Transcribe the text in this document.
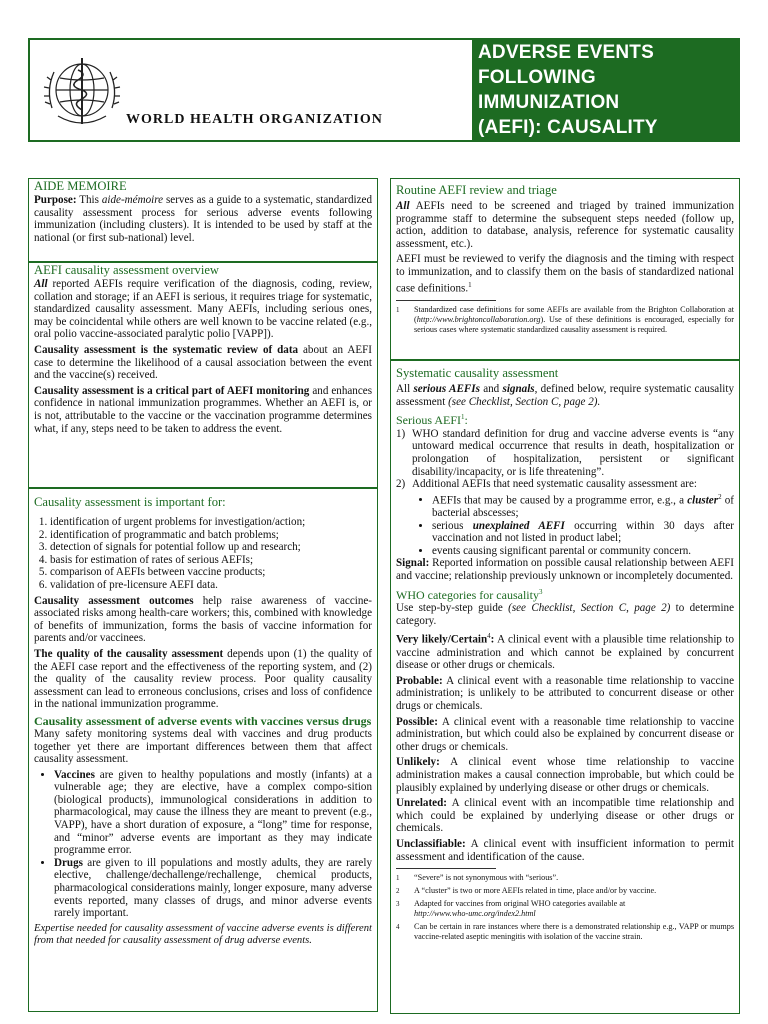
WORLD HEALTH ORGANIZATION
ADVERSE EVENTS
FOLLOWING IMMUNIZATION
(AEFI): CAUSALITY
ASSESSMENT
AIDE MEMOIRE

Purpose: This aide-mémoire serves as a guide to a systematic, standardized causality assessment process for serious adverse events following immunization (including clusters). It is intended to be used by staff at the national (or first sub-national) level.

AEFI causality assessment overview

All reported AEFIs require verification of the diagnosis, coding, review, collation and storage; if an AEFI is serious, it requires triage for systematic, standardized causality assessment. Many AEFIs, including serious ones, may be coincidental while others are well known to be vaccine related (e.g., oral polio vaccine-associated paralytic polio [VAPP]).

Causality assessment is the systematic review of data about an AEFI case to determine the likelihood of a causal association between the event and the vaccine(s) received.

Causality assessment is a critical part of AEFI monitoring and enhances confidence in national immunization programmes. Whether an AEFI is, or is not, attributable to the vaccine or the vaccination programme determines what, if any, steps need to be taken to address the event.

Causality assessment is important for:
1. identification of urgent problems for investigation/action;
2. identification of programmatic and batch problems;
3. detection of signals for potential follow up and research;
4. basis for estimation of rates of serious AEFIs;
5. comparison of AEFIs between vaccine products;
6. validation of pre-licensure AEFI data.

Causality assessment outcomes help raise awareness of vaccine-associated risks among health-care workers; this, combined with knowledge of benefits of immunization, forms the basis of vaccine information for parents and/or vaccinees.

The quality of the causality assessment depends upon (1) the quality of the AEFI case report and the effectiveness of the reporting system, and (2) the quality of the causality review process. Poor quality causality assessment can lead to erroneous conclusions, crises and loss of confidence in the national immunization programme.

Causality assessment of adverse events with vaccines versus drugs

Many safety monitoring systems deal with vaccines and drug products together yet there are important differences between them that affect causality assessment.

• Vaccines are given to healthy populations and mostly (infants) at a vulnerable age; they are elective, have a complex compo-sition (biological products), immunological considerations in addition to pharmacological, may cause the illness they are meant to prevent (e.g., VAPP), have a short duration of exposure, a “long” time for response, and “minor” adverse events are important as they may indicate programme error.
• Drugs are given to ill populations and mostly adults, they are rarely elective, challenge/dechallenge/rechallenge, chemical products, pharmacological considerations mainly, longer exposure, many adverse events reported, many classes of drugs, and minor adverse events rarely important.

Expertise needed for causality assessment of vaccine adverse events is different from that needed for causality assessment of drug adverse events.

Routine AEFI review and triage

All AEFIs need to be screened and triaged by trained immunization programme staff to determine the subsequent steps needed (follow up, action, addition to database, analysis, reference for systematic causality assessment, etc.).

AEFI must be reviewed to verify the diagnosis and the timing with respect to immunization, and to classify them on the basis of standardized national case definitions.$^1$

1 Standardized case definitions for some AEFIs are available from the Brighton Collaboration at (http://www.brightoncollaboration.org). Use of these definitions is encouraged, especially for serious cases where systematic standardized causality assessment is required.

Systematic causality assessment

All serious AEFIs and signals, defined below, require systematic causality assessment (see Checklist, Section C, page 2).

Serious AEFI$^1$:
1) WHO standard definition for drug and vaccine adverse events is “any untoward medical occurrence that results in death, hospitalization or prolongation of hospitalization, persistent or significant disability/incapacity, or is life threatening”.
2) Additional AEFIs that need systematic causality assessment are:
• AEFIs that may be caused by a programme error, e.g., a cluster$^2$ of bacterial abscesses;
• serious unexplained AEFI occurring within 30 days after vaccination and not listed in product label;
• events causing significant parental or community concern.

Signal: Reported information on possible causal relationship between AEFI and vaccine; relationship previously unknown or incompletely documented.

WHO categories for causality$^3$

Use step-by-step guide (see Checklist, Section C, page 2) to determine category.

Very likely/Certain$^4$: A clinical event with a plausible time relationship to vaccine administration and which cannot be explained by concurrent disease or other drugs or chemicals.

Probable: A clinical event with a reasonable time relationship to vaccine administration; is unlikely to be attributed to concurrent disease or other drugs or chemicals.

Possible: A clinical event with a reasonable time relationship to vaccine administration, but which could also be explained by concurrent disease or other drugs or chemicals.

Unlikely: A clinical event whose time relationship to vaccine administration makes a causal connection improbable, but which could be plausibly explained by underlying disease or other drugs or chemicals.

Unrelated: A clinical event with an incompatible time relationship and which could be explained by underlying disease or other drugs or chemicals.

Unclassifiable: A clinical event with insufficient information to permit assessment and identification of the cause.

1 “Severe” is not synonymous with “serious”.

2 A “cluster” is two or more AEFIs related in time, place and/or by vaccine.

3 Adapted for vaccines from original WHO categories available at
http://www.who-umc.org/index2.html

4 Can be certain in rare instances where there is a demonstrated relationship e.g., VAPP or mumps vaccine-related aseptic meningitis with isolation of the vaccine strain.
